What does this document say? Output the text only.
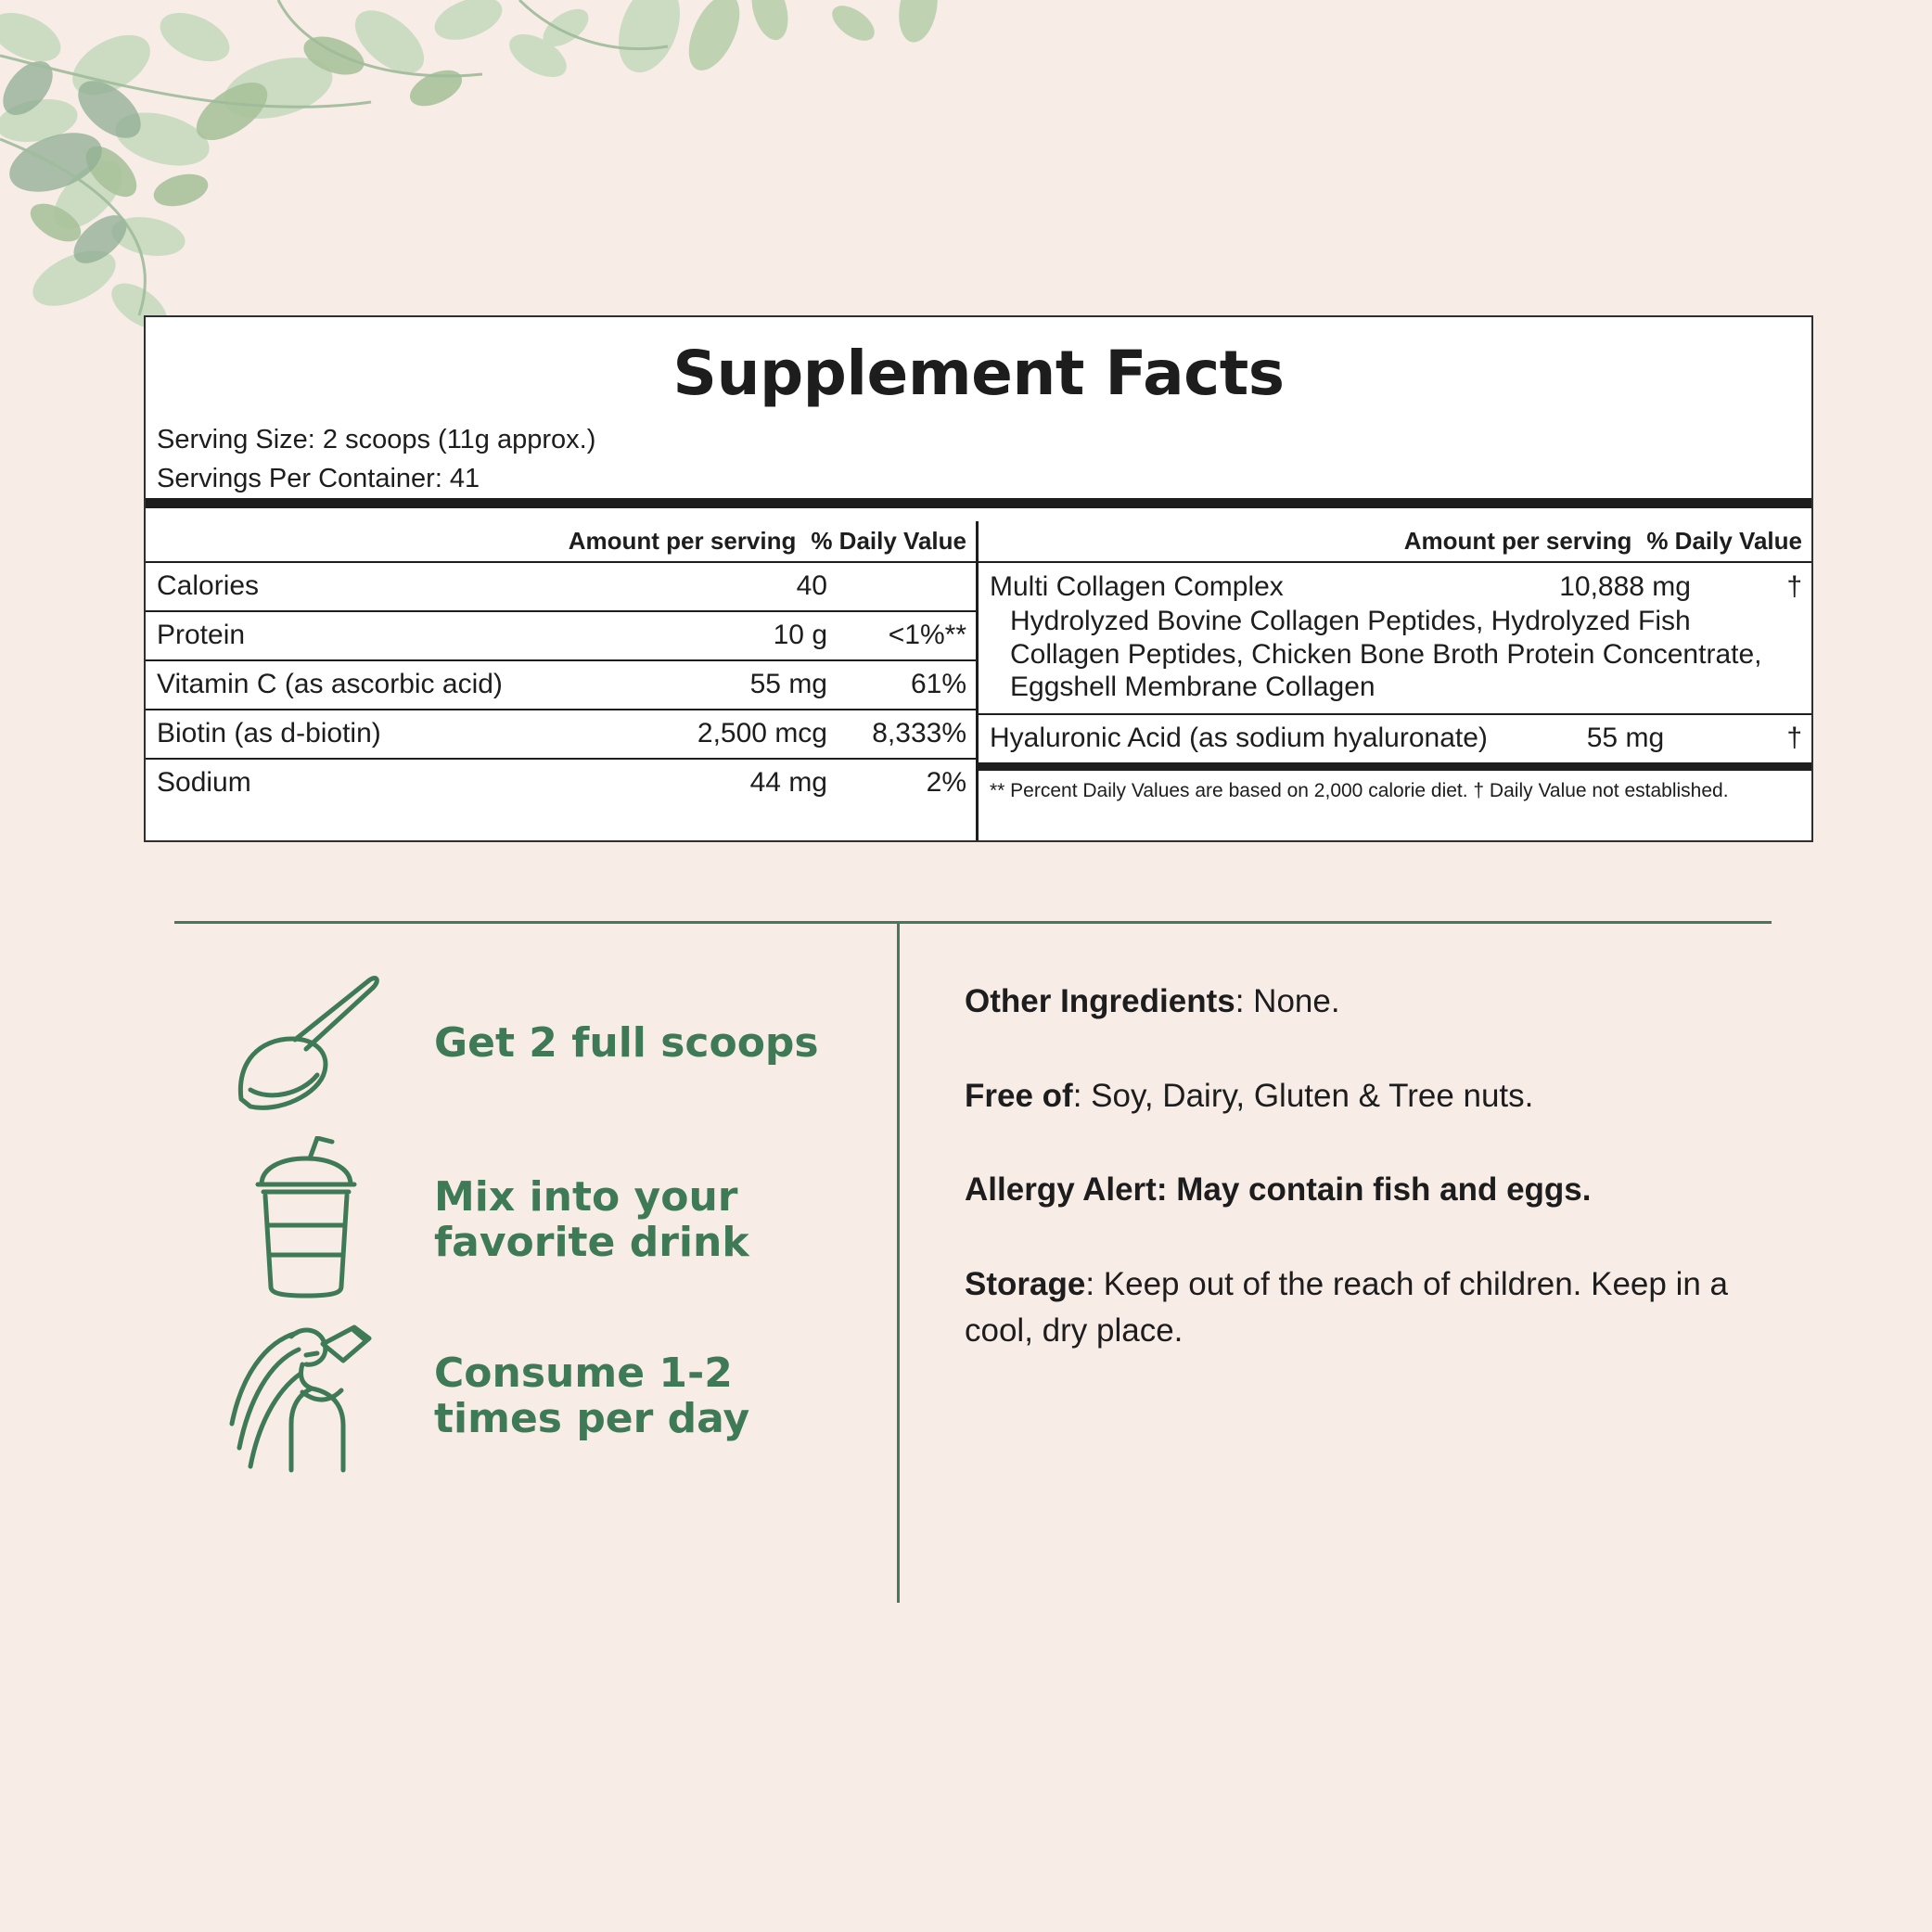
Supplement Facts
Serving Size: 2 scoops (11g approx.)
Servings Per Container: 41
Amount per serving % Daily Value
Calories	40
Protein	10 g	<1%**
Vitamin C (as ascorbic acid)	55 mg	61%
Biotin (as d-biotin)	2,500 mcg	8,333%
Sodium	44 mg	2%
Amount per serving % Daily Value
Multi Collagen Complex	10,888 mg	†
Hydrolyzed Bovine Collagen Peptides, Hydrolyzed Fish Collagen Peptides, Chicken Bone Broth Protein Concentrate, Eggshell Membrane Collagen
Hyaluronic Acid (as sodium hyaluronate)	55 mg	†
** Percent Daily Values are based on 2,000 calorie diet. † Daily Value not established.
Get 2 full scoops
Mix into your favorite drink
Consume 1-2 times per day

Other Ingredients: None.

Free of: Soy, Dairy, Gluten & Tree nuts.

Allergy Alert: May contain fish and eggs.

Storage: Keep out of the reach of children. Keep in a cool, dry place.
